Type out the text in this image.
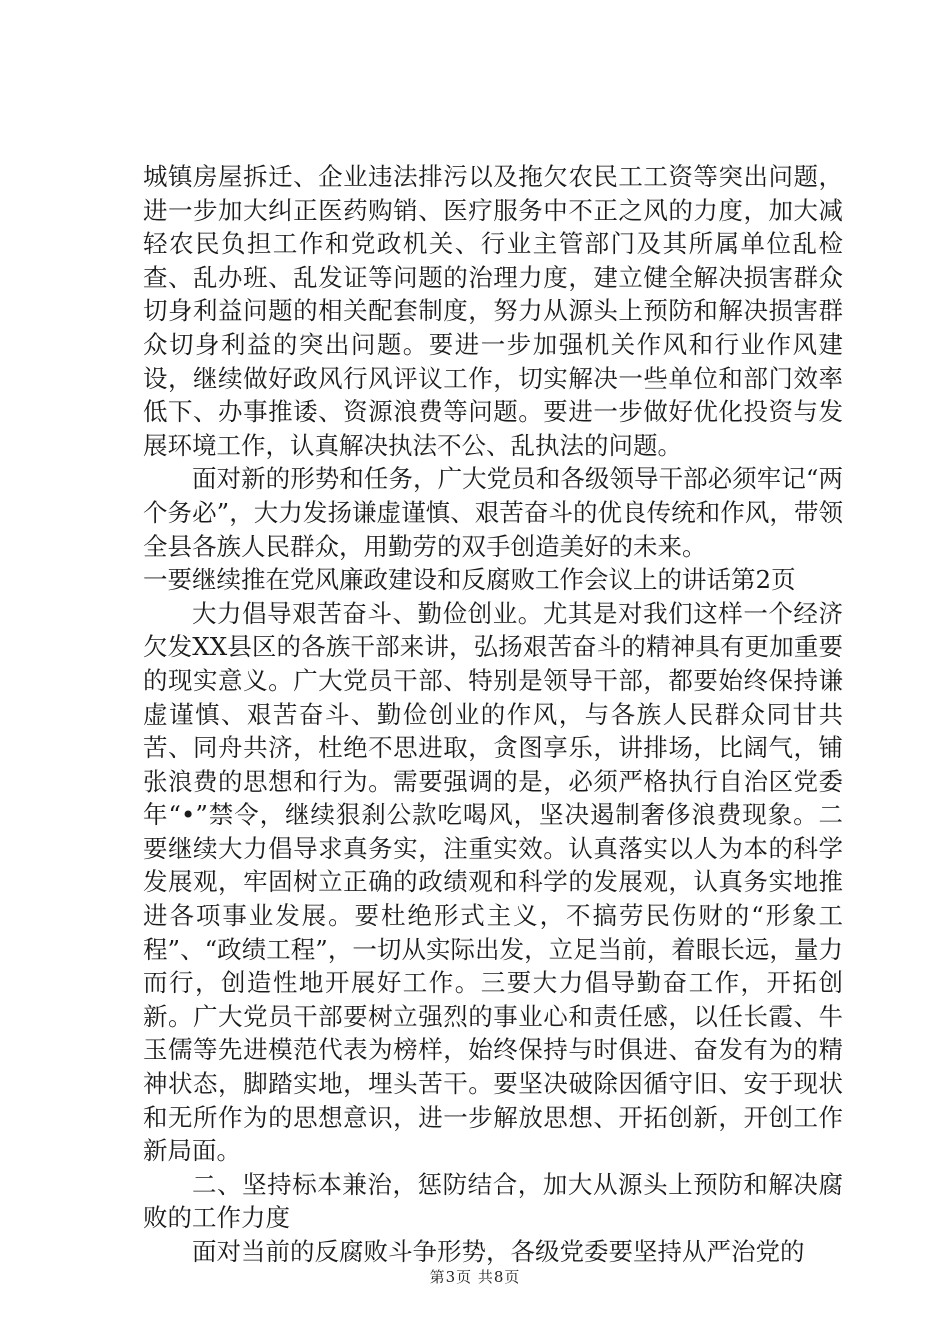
城镇房屋拆迁、企业违法排污以及拖欠农民工工资等突出问题，进一步加大纠正医药购销、医疗服务中不正之风的力度，加大减轻农民负担工作和党政机关、行业主管部门及其所属单位乱检查、乱办班、乱发证等问题的治理力度，建立健全解决损害群众切身利益问题的相关配套制度，努力从源头上预防和解决损害群众切身利益的突出问题。要进一步加强机关作风和行业作风建设，继续做好政风行风评议工作，切实解决一些单位和部门效率低下、办事推诿、资源浪费等问题。要进一步做好优化投资与发展环境工作，认真解决执法不公、乱执法的问题。

面对新的形势和任务，广大党员和各级领导干部必须牢记“两个务必”，大力发扬谦虚谨慎、艰苦奋斗的优良传统和作风，带领全县各族人民群众，用勤劳的双手创造美好的未来。

一要继续推在党风廉政建设和反腐败工作会议上的讲话第2页

大力倡导艰苦奋斗、勤俭创业。尤其是对我们这样一个经济欠发XX县区的各族干部来讲，弘扬艰苦奋斗的精神具有更加重要的现实意义。广大党员干部、特别是领导干部，都要始终保持谦虚谨慎、艰苦奋斗、勤俭创业的作风，与各族人民群众同甘共苦、同舟共济，杜绝不思进取，贪图享乐，讲排场，比阔气，铺张浪费的思想和行为。需要强调的是，必须严格执行自治区党委年“•”禁令，继续狠刹公款吃喝风，坚决遏制奢侈浪费现象。二要继续大力倡导求真务实，注重实效。认真落实以人为本的科学发展观，牢固树立正确的政绩观和科学的发展观，认真务实地推进各项事业发展。要杜绝形式主义，不搞劳民伤财的“形象工程”、“政绩工程”，一切从实际出发，立足当前，着眼长远，量力而行，创造性地开展好工作。三要大力倡导勤奋工作，开拓创新。广大党员干部要树立强烈的事业心和责任感，以任长霞、牛玉儒等先进模范代表为榜样，始终保持与时俱进、奋发有为的精神状态，脚踏实地，埋头苦干。要坚决破除因循守旧、安于现状和无所作为的思想意识，进一步解放思想、开拓创新，开创工作新局面。

二、坚持标本兼治，惩防结合，加大从源头上预防和解决腐败的工作力度

面对当前的反腐败斗争形势，各级党委要坚持从严治党的

第3页 共8页
